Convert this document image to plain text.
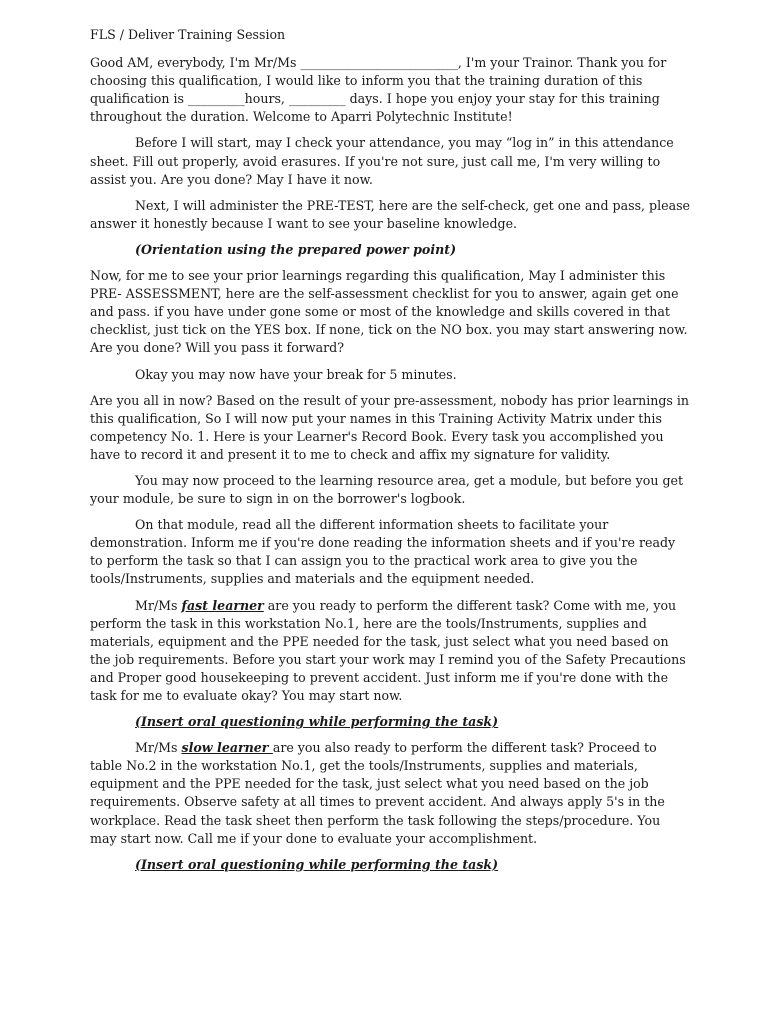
FLS / Deliver Training Session

Good AM, everybody, I'm Mr/Ms _________________________, I'm your Trainor. Thank you for choosing this qualification, I would like to inform you that the training duration of this qualification is _________hours, _________ days. I hope you enjoy your stay for this training throughout the duration. Welcome to Aparri Polytechnic Institute!

Before I will start, may I check your attendance, you may “log in” in this attendance sheet. Fill out properly, avoid erasures. If you're not sure, just call me, I'm very willing to assist you. Are you done? May I have it now.

Next, I will administer the PRE-TEST, here are the self-check, get one and pass, please answer it honestly because I want to see your baseline knowledge.

(Orientation using the prepared power point)

Now, for me to see your prior learnings regarding this qualification, May I administer this PRE- ASSESSMENT, here are the self-assessment checklist for you to answer, again get one and pass. if you have under gone some or most of the knowledge and skills covered in that checklist, just tick on the YES box. If none, tick on the NO box. you may start answering now. Are you done? Will you pass it forward?

Okay you may now have your break for 5 minutes.

Are you all in now? Based on the result of your pre-assessment, nobody has prior learnings in this qualification, So I will now put your names in this Training Activity Matrix under this competency No. 1. Here is your Learner's Record Book. Every task you accomplished you have to record it and present it to me to check and affix my signature for validity.

You may now proceed to the learning resource area, get a module, but before you get your module, be sure to sign in on the borrower's logbook.

On that module, read all the different information sheets to facilitate your demonstration. Inform me if you're done reading the information sheets and if you're ready to perform the task so that I can assign you to the practical work area to give you the tools/Instruments, supplies and materials and the equipment needed.

Mr/Ms fast learner are you ready to perform the different task? Come with me, you perform the task in this workstation No.1, here are the tools/Instruments, supplies and materials, equipment and the PPE needed for the task, just select what you need based on the job requirements. Before you start your work may I remind you of the Safety Precautions and Proper good housekeeping to prevent accident. Just inform me if you're done with the task for me to evaluate okay? You may start now.

(Insert oral questioning while performing the task)

Mr/Ms slow learner are you also ready to perform the different task? Proceed to table No.2 in the workstation No.1, get the tools/Instruments, supplies and materials, equipment and the PPE needed for the task, just select what you need based on the job requirements. Observe safety at all times to prevent accident. And always apply 5's in the workplace. Read the task sheet then perform the task following the steps/procedure. You may start now. Call me if your done to evaluate your accomplishment.

(Insert oral questioning while performing the task)
